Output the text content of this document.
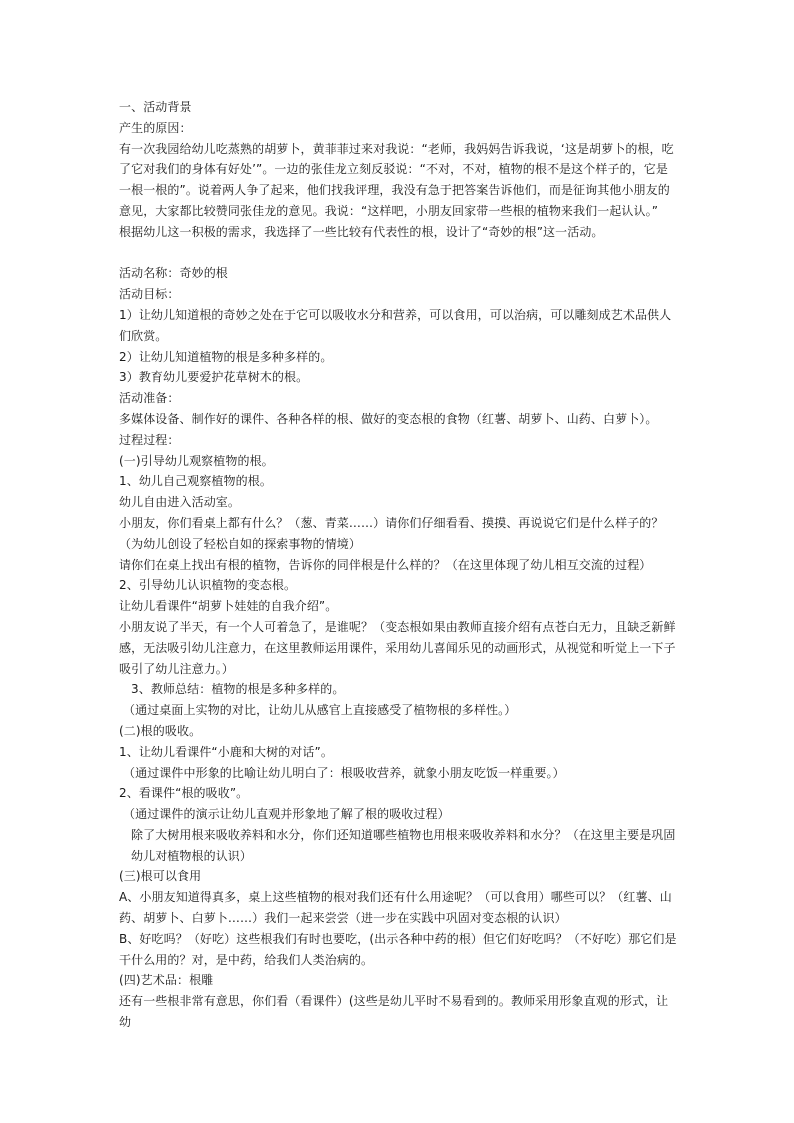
一、活动背景

产生的原因：

有一次我园给幼儿吃蒸熟的胡萝卜，黄菲菲过来对我说：“老师，我妈妈告诉我说，‘这是胡萝卜的根，吃了它对我们的身体有好处’”。一边的张佳龙立刻反驳说：“不对，不对，植物的根不是这个样子的，它是一根一根的”。说着两人争了起来，他们找我评理，我没有急于把答案告诉他们，而是征询其他小朋友的意见，大家都比较赞同张佳龙的意见。我说：“这样吧，小朋友回家带一些根的植物来我们一起认认。”

根据幼儿这一积极的需求，我选择了一些比较有代表性的根，设计了“奇妙的根”这一活动。

活动名称：奇妙的根

活动目标：

1）让幼儿知道根的奇妙之处在于它可以吸收水分和营养，可以食用，可以治病，可以雕刻成艺术品供人们欣赏。

2）让幼儿知道植物的根是多种多样的。

3）教育幼儿要爱护花草树木的根。

活动准备：

多媒体设备、制作好的课件、各种各样的根、做好的变态根的食物（红薯、胡萝卜、山药、白萝卜）。

过程过程：

(一)引导幼儿观察植物的根。

1、幼儿自己观察植物的根。

幼儿自由进入活动室。

小朋友，你们看桌上都有什么？（葱、青菜……）请你们仔细看看、摸摸、再说说它们是什么样子的？（为幼儿创设了轻松自如的探索事物的情境）

请你们在桌上找出有根的植物，告诉你的同伴根是什么样的？（在这里体现了幼儿相互交流的过程）

2、引导幼儿认识植物的变态根。

让幼儿看课件“胡萝卜娃娃的自我介绍”。

小朋友说了半天，有一个人可着急了，是谁呢？（变态根如果由教师直接介绍有点苍白无力，且缺乏新鲜感，无法吸引幼儿注意力，在这里教师运用课件，采用幼儿喜闻乐见的动画形式，从视觉和听觉上一下子吸引了幼儿注意力。）

3、教师总结：植物的根是多种多样的。

（通过桌面上实物的对比，让幼儿从感官上直接感受了植物根的多样性。）

(二)根的吸收。

1、让幼儿看课件“小鹿和大树的对话”。

（通过课件中形象的比喻让幼儿明白了：根吸收营养，就象小朋友吃饭一样重要。）

2、看课件“根的吸收”。

（通过课件的演示让幼儿直观并形象地了解了根的吸收过程）

除了大树用根来吸收养料和水分，你们还知道哪些植物也用根来吸收养料和水分？（在这里主要是巩固幼儿对植物根的认识）

(三)根可以食用

A、小朋友知道得真多，桌上这些植物的根对我们还有什么用途呢？（可以食用）哪些可以？（红薯、山药、胡萝卜、白萝卜……）我们一起来尝尝（进一步在实践中巩固对变态根的认识）

B、好吃吗？（好吃）这些根我们有时也要吃，(出示各种中药的根）但它们好吃吗？（不好吃）那它们是干什么用的？对，是中药，给我们人类治病的。

(四)艺术品：根雕

还有一些根非常有意思，你们看（看课件）(这些是幼儿平时不易看到的。教师采用形象直观的形式，让幼
